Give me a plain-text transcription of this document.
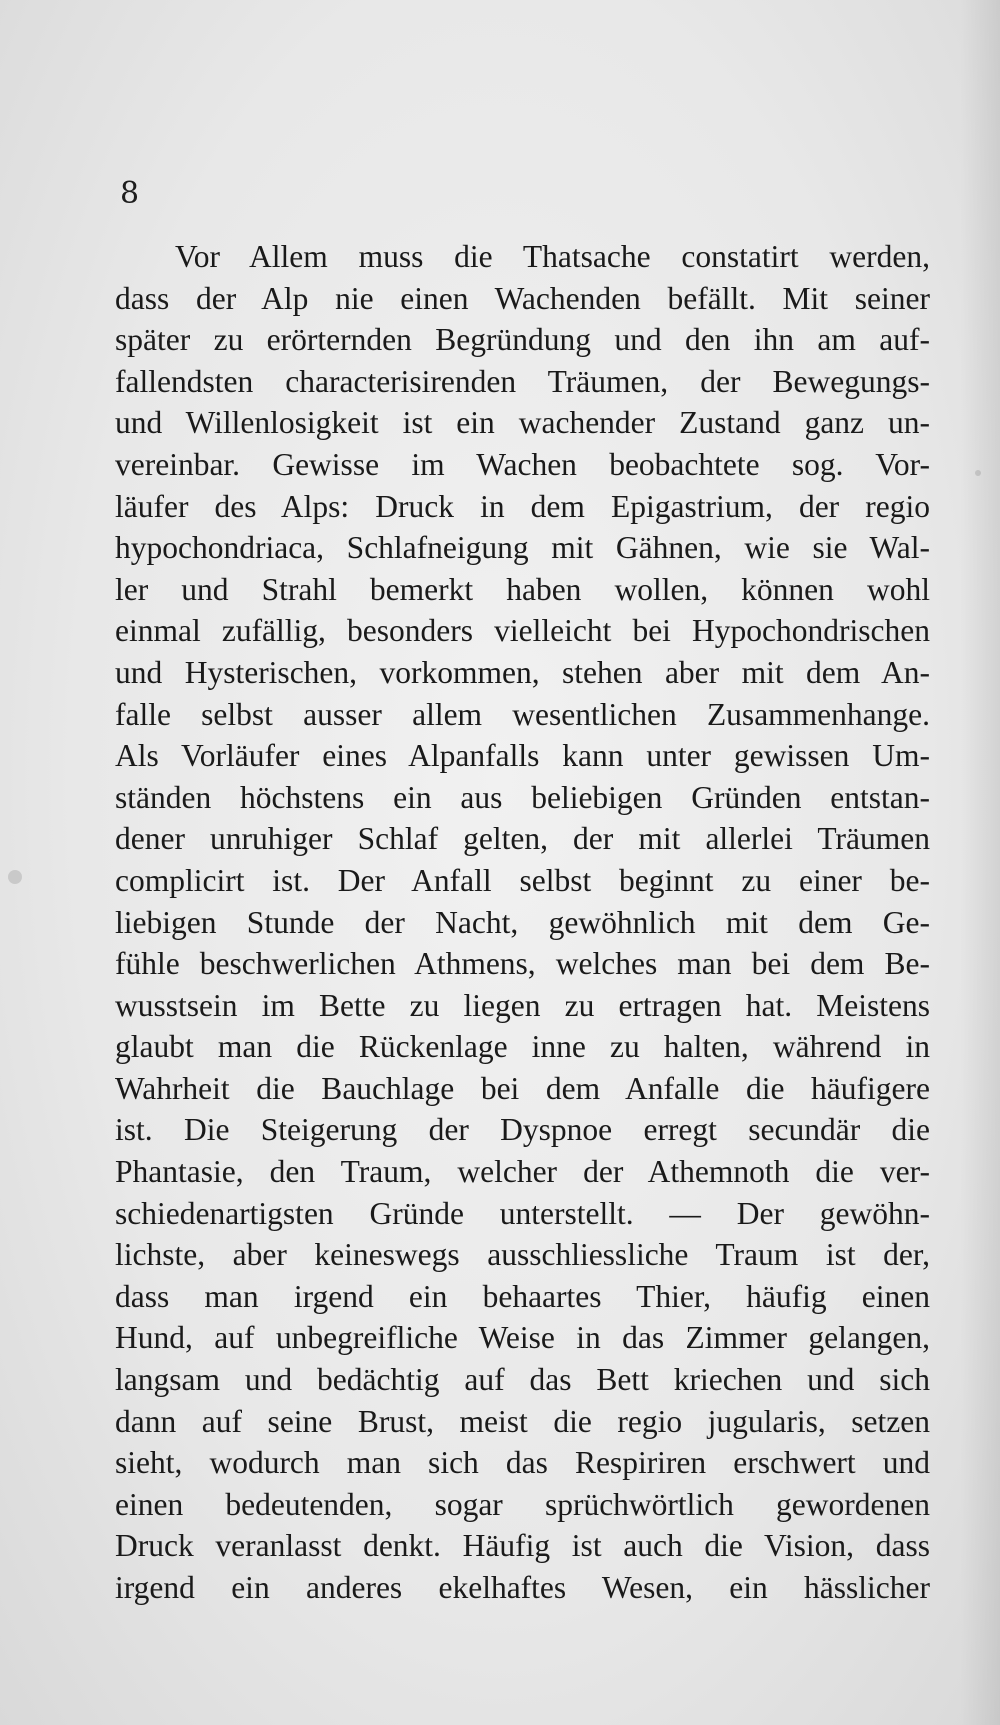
8
Vor Allem muss die Thatsache constatirt werden,
dass der Alp nie einen Wachenden befällt. Mit seiner
später zu erörternden Begründung und den ihn am auf-
fallendsten characterisirenden Träumen, der Bewegungs-
und Willenlosigkeit ist ein wachender Zustand ganz un-
vereinbar. Gewisse im Wachen beobachtete sog. Vor-
läufer des Alps: Druck in dem Epigastrium, der regio
hypochondriaca, Schlafneigung mit Gähnen, wie sie Wal-
ler und Strahl bemerkt haben wollen, können wohl
einmal zufällig, besonders vielleicht bei Hypochondrischen
und Hysterischen, vorkommen, stehen aber mit dem An-
falle selbst ausser allem wesentlichen Zusammenhange.
Als Vorläufer eines Alpanfalls kann unter gewissen Um-
ständen höchstens ein aus beliebigen Gründen entstan-
dener unruhiger Schlaf gelten, der mit allerlei Träumen
complicirt ist. Der Anfall selbst beginnt zu einer be-
liebigen Stunde der Nacht, gewöhnlich mit dem Ge-
fühle beschwerlichen Athmens, welches man bei dem Be-
wusstsein im Bette zu liegen zu ertragen hat. Meistens
glaubt man die Rückenlage inne zu halten, während in
Wahrheit die Bauchlage bei dem Anfalle die häufigere
ist. Die Steigerung der Dyspnoe erregt secundär die
Phantasie, den Traum, welcher der Athemnoth die ver-
schiedenartigsten Gründe unterstellt. — Der gewöhn-
lichste, aber keineswegs ausschliessliche Traum ist der,
dass man irgend ein behaartes Thier, häufig einen
Hund, auf unbegreifliche Weise in das Zimmer gelangen,
langsam und bedächtig auf das Bett kriechen und sich
dann auf seine Brust, meist die regio jugularis, setzen
sieht, wodurch man sich das Respiriren erschwert und
einen bedeutenden, sogar sprüchwörtlich gewordenen
Druck veranlasst denkt. Häufig ist auch die Vision, dass
irgend ein anderes ekelhaftes Wesen, ein hässlicher
